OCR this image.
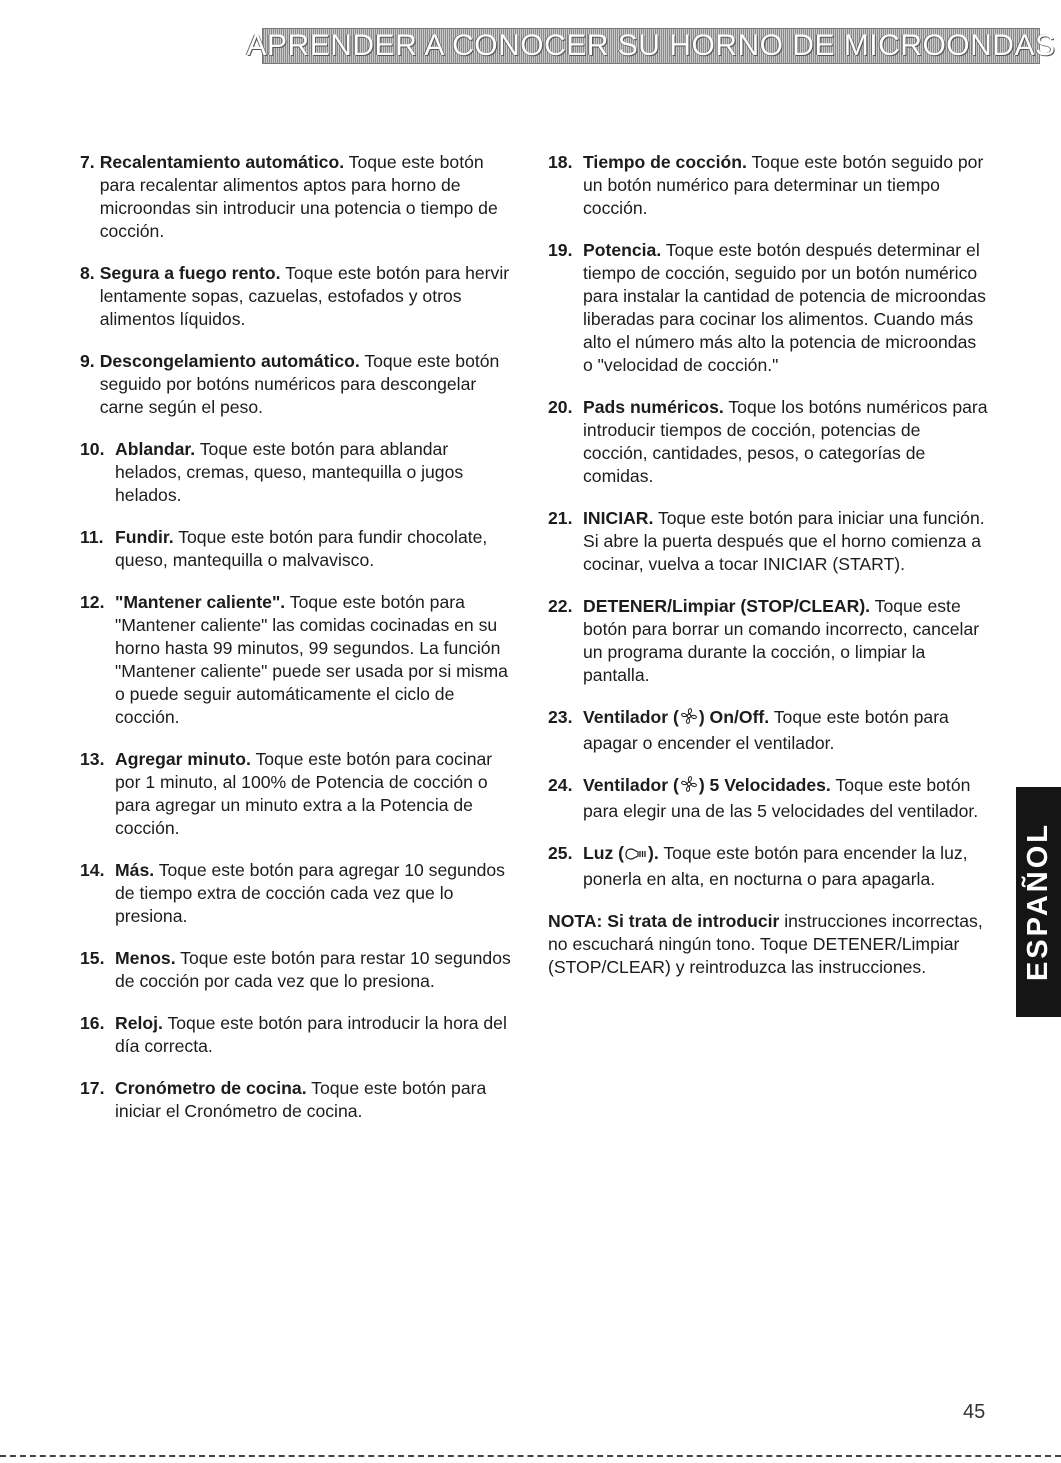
APRENDER A CONOCER SU HORNO DE MICROONDAS
7. Recalentamiento automático. Toque este botón para recalentar alimentos aptos para horno de microondas sin introducir una potencia o tiempo de cocción.
8. Segura a fuego rento. Toque este botón para hervir lentamente sopas, cazuelas, estofados y otros alimentos líquidos.
9. Descongelamiento automático. Toque este botón seguido por botóns numéricos para descongelar carne según el peso.
10. Ablandar. Toque este botón para ablandar helados, cremas, queso, mantequilla o jugos helados.
11. Fundir. Toque este botón para fundir chocolate, queso, mantequilla o malvavisco.
12. "Mantener caliente". Toque este botón para "Mantener caliente" las comidas cocinadas en su horno hasta 99 minutos, 99 segundos. La función "Mantener caliente" puede ser usada por si misma o puede seguir automáticamente el ciclo de cocción.
13. Agregar minuto. Toque este botón para cocinar por 1 minuto, al 100% de Potencia de cocción o para agregar un minuto extra a la Potencia de cocción.
14. Más. Toque este botón para agregar 10 segundos de tiempo extra de cocción cada vez que lo presiona.
15. Menos. Toque este botón para restar 10 segundos de cocción por cada vez que lo presiona.
16. Reloj. Toque este botón para introducir la hora del día correcta.
17. Cronómetro de cocina. Toque este botón para iniciar el Cronómetro de cocina.
18. Tiempo de cocción. Toque este botón seguido por un botón numérico para determinar un tiempo cocción.
19. Potencia. Toque este botón después determinar el tiempo de cocción, seguido por un botón numérico para instalar la cantidad de potencia de microondas liberadas para cocinar los alimentos. Cuando más alto el número más alto la potencia de microondas o "velocidad de cocción."
20. Pads numéricos. Toque los botóns numéricos para introducir tiempos de cocción, potencias de cocción, cantidades, pesos, o categorías de comidas.
21. INICIAR. Toque este botón para iniciar una función. Si abre la puerta después que el horno comienza a cocinar, vuelva a tocar INICIAR (START).
22. DETENER/Limpiar (STOP/CLEAR). Toque este botón para borrar un comando incorrecto, cancelar un programa durante la cocción, o limpiar la pantalla.
23. Ventilador ( ) On/Off. Toque este botón para apagar o encender el ventilador.
24. Ventilador ( ) 5 Velocidades. Toque este botón para elegir una de las 5 velocidades del ventilador.
25. Luz ( ). Toque este botón para encender la luz, ponerla en alta, en nocturna o para apagarla.
NOTA: Si trata de introducir instrucciones incorrectas, no escuchará ningún tono. Toque DETENER/Limpiar (STOP/CLEAR) y reintroduzca las instrucciones.	ESPAÑOL
45
